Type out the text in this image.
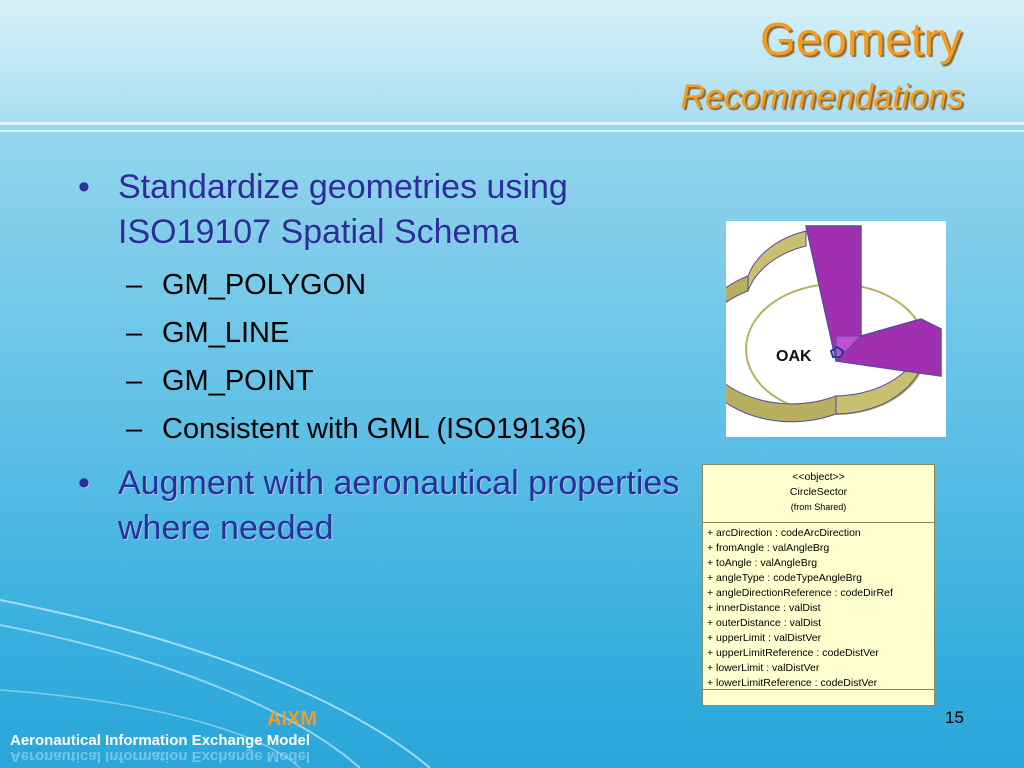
Geometry
Recommendations
• Standardize geometries using ISO19107 Spatial Schema
– GM_POLYGON
– GM_LINE
– GM_POINT
– Consistent with GML (ISO19136)
• Augment with aeronautical properties where needed
OAK
<<object>>
CircleSector
(from Shared)
+ arcDirection : codeArcDirection
+ fromAngle : valAngleBrg
+ toAngle : valAngleBrg
+ angleType : codeTypeAngleBrg
+ angleDirectionReference : codeDirRef
+ innerDistance : valDist
+ outerDistance : valDist
+ upperLimit : valDistVer
+ upperLimitReference : codeDistVer
+ lowerLimit : valDistVer
+ lowerLimitReference : codeDistVer
AIXM
Aeronautical Information Exchange Model
Aeronautical Information Exchange Model
15
